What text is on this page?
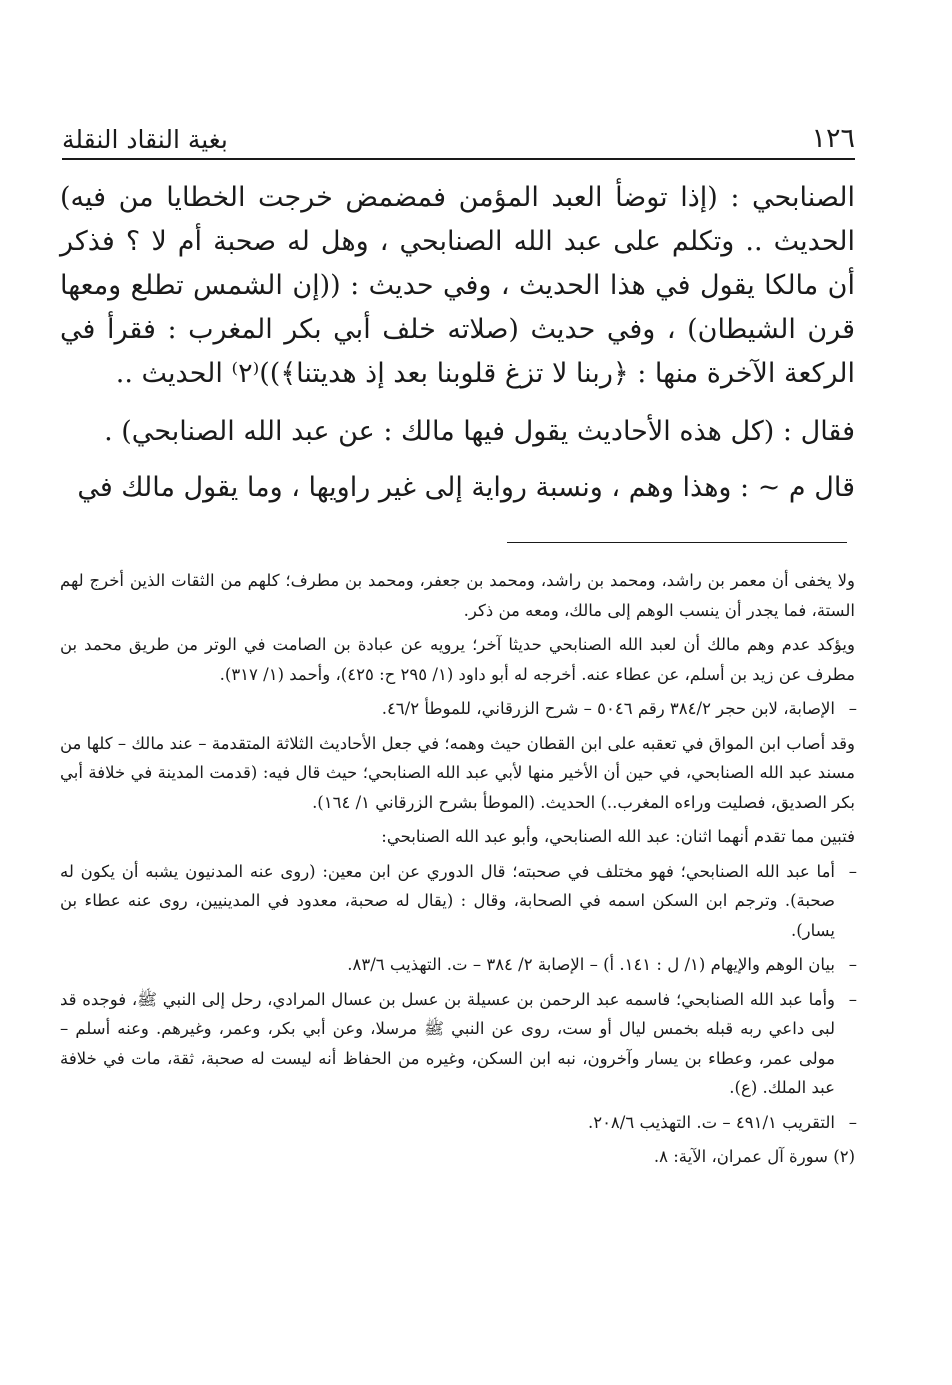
١٢٦
بغية النقاد النقلة

الصنابحي : (إذا توضأ العبد المؤمن فمضمض خرجت الخطايا من فيه) الحديث .. وتكلم على عبد الله الصنابحي ، وهل له صحبة أم لا ؟ فذكر أن مالكا يقول في هذا الحديث ، وفي حديث : ((إن الشمس تطلع ومعها قرن الشيطان) ، وفي حديث (صلاته خلف أبي بكر المغرب : فقرأ في الركعة الآخرة منها : ﴿ربنا لا تزغ قلوبنا بعد إذ هدیتنا﴾))⁽٢⁾ الحديث ..

فقال : (كل هذه الأحاديث يقول فيها مالك : عن عبد الله الصنابحي) .

قال م ~ : وهذا وهم ، ونسبة رواية إلى غير راويها ، وما يقول مالك في

ولا يخفى أن معمر بن راشد، ومحمد بن راشد، ومحمد بن جعفر، ومحمد بن مطرف؛ كلهم من الثقات الذين أخرج لهم الستة، فما يجدر أن ينسب الوهم إلى مالك، ومعه من ذكر.

ويؤكد عدم وهم مالك أن لعبد الله الصنابحي حديثا آخر؛ يرويه عن عبادة بن الصامت في الوتر من طريق محمد بن مطرف عن زيد بن أسلم، عن عطاء عنه. أخرجه له أبو داود (١/ ٢٩٥ ح: ٤٢٥)، وأحمد (١/ ٣١٧).

–
الإصابة، لابن حجر ٣٨٤/٢ رقم ٥٠٤٦ – شرح الزرقاني، للموطأ ٤٦/٢.

وقد أصاب ابن المواق في تعقبه على ابن القطان حيث وهمه؛ في جعل الأحاديث الثلاثة المتقدمة – عند مالك – كلها من مسند عبد الله الصنابحي، في حين أن الأخير منها لأبي عبد الله الصنابحي؛ حيث قال فيه: (قدمت المدينة في خلافة أبي بكر الصديق، فصليت وراءه المغرب..) الحديث. (الموطأ بشرح الزرقاني ١/ ١٦٤).

فتبين مما تقدم أنهما اثنان: عبد الله الصنابحي، وأبو عبد الله الصنابحي:

–
أما عبد الله الصنابحي؛ فهو مختلف في صحبته؛ قال الدوري عن ابن معين: (روى عنه المدنيون يشبه أن يكون له صحبة). وترجم ابن السكن اسمه في الصحابة، وقال : (يقال له صحبة، معدود في المدينيين، روى عنه عطاء بن يسار).

–
بيان الوهم والإيهام (١/ ل : ١٤١. أ) – الإصابة ٢/ ٣٨٤ – ت. التهذيب ٨٣/٦.

–
وأما عبد الله الصنابحي؛ فاسمه عبد الرحمن بن عسيلة بن عسل بن عسال المرادي، رحل إلى النبي ﷺ، فوجده قد لبى داعي ربه قبله بخمس ليال أو ست، روى عن النبي ﷺ مرسلا، وعن أبي بكر، وعمر، وغيرهم. وعنه أسلم – مولى عمر، وعطاء بن يسار وآخرون، نبه ابن السكن، وغيره من الحفاظ أنه ليست له صحبة، ثقة، مات في خلافة عبد الملك. (ع).

–
التقريب ٤٩١/١ – ت. التهذيب ٢٠٨/٦.

(٢) سورة آل عمران، الآية: ٨.
